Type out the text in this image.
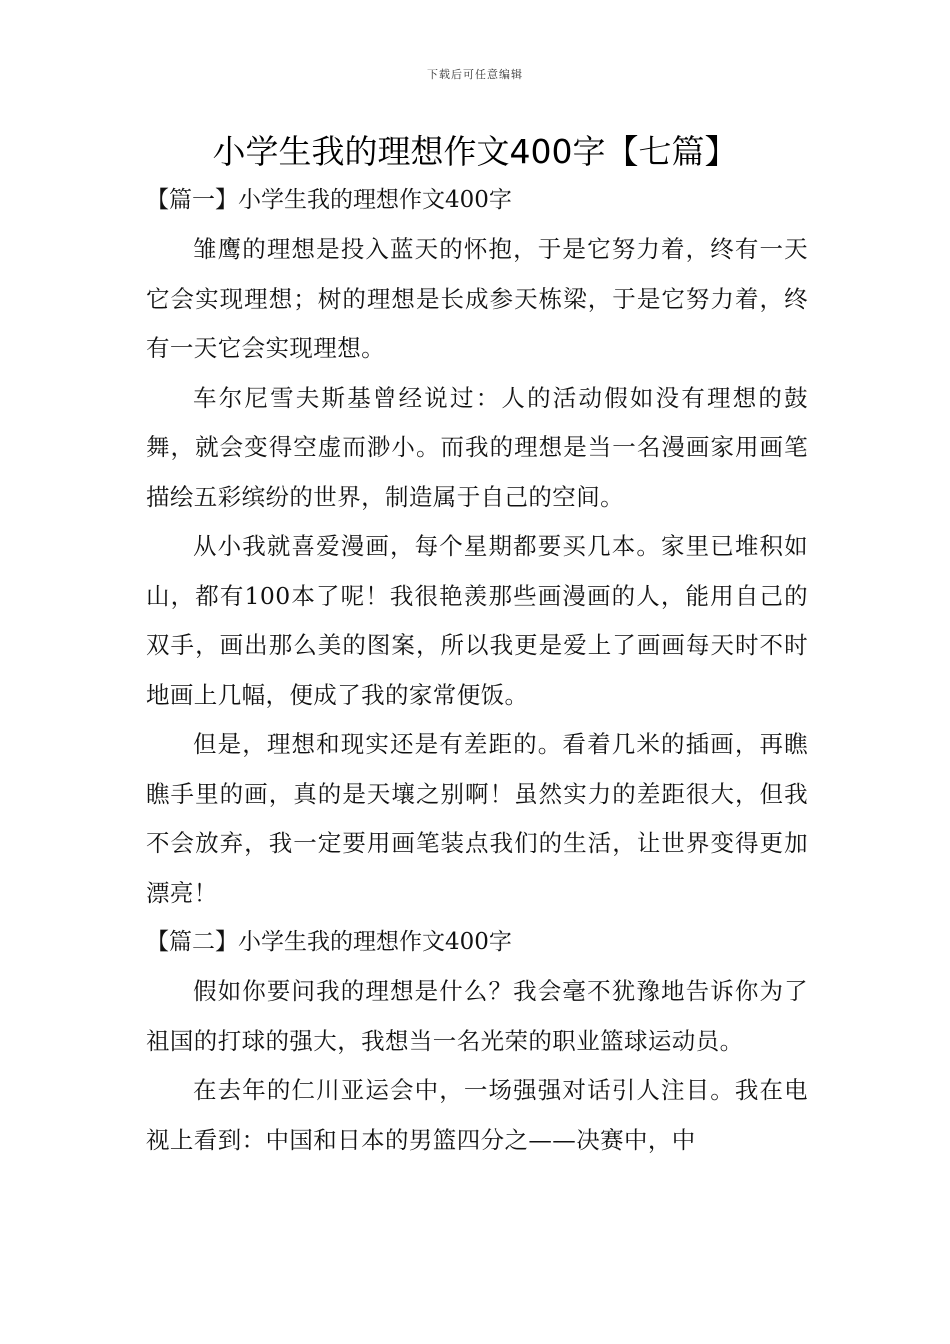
下载后可任意编辑
小学生我的理想作文400字【七篇】
【篇一】小学生我的理想作文400字

雏鹰的理想是投入蓝天的怀抱，于是它努力着，终有一天它会实现理想；树的理想是长成参天栋梁，于是它努力着，终有一天它会实现理想。

车尔尼雪夫斯基曾经说过：人的活动假如没有理想的鼓舞，就会变得空虚而渺小。而我的理想是当一名漫画家用画笔描绘五彩缤纷的世界，制造属于自己的空间。

从小我就喜爱漫画，每个星期都要买几本。家里已堆积如山，都有100本了呢！我很艳羡那些画漫画的人，能用自己的双手，画出那么美的图案，所以我更是爱上了画画每天时不时地画上几幅，便成了我的家常便饭。

但是，理想和现实还是有差距的。看着几米的插画，再瞧瞧手里的画，真的是天壤之别啊！虽然实力的差距很大，但我不会放弃，我一定要用画笔装点我们的生活，让世界变得更加漂亮！

【篇二】小学生我的理想作文400字

假如你要问我的理想是什么？我会毫不犹豫地告诉你为了祖国的打球的强大，我想当一名光荣的职业篮球运动员。

在去年的仁川亚运会中，一场强强对话引人注目。我在电视上看到：中国和日本的男篮四分之——决赛中，中
